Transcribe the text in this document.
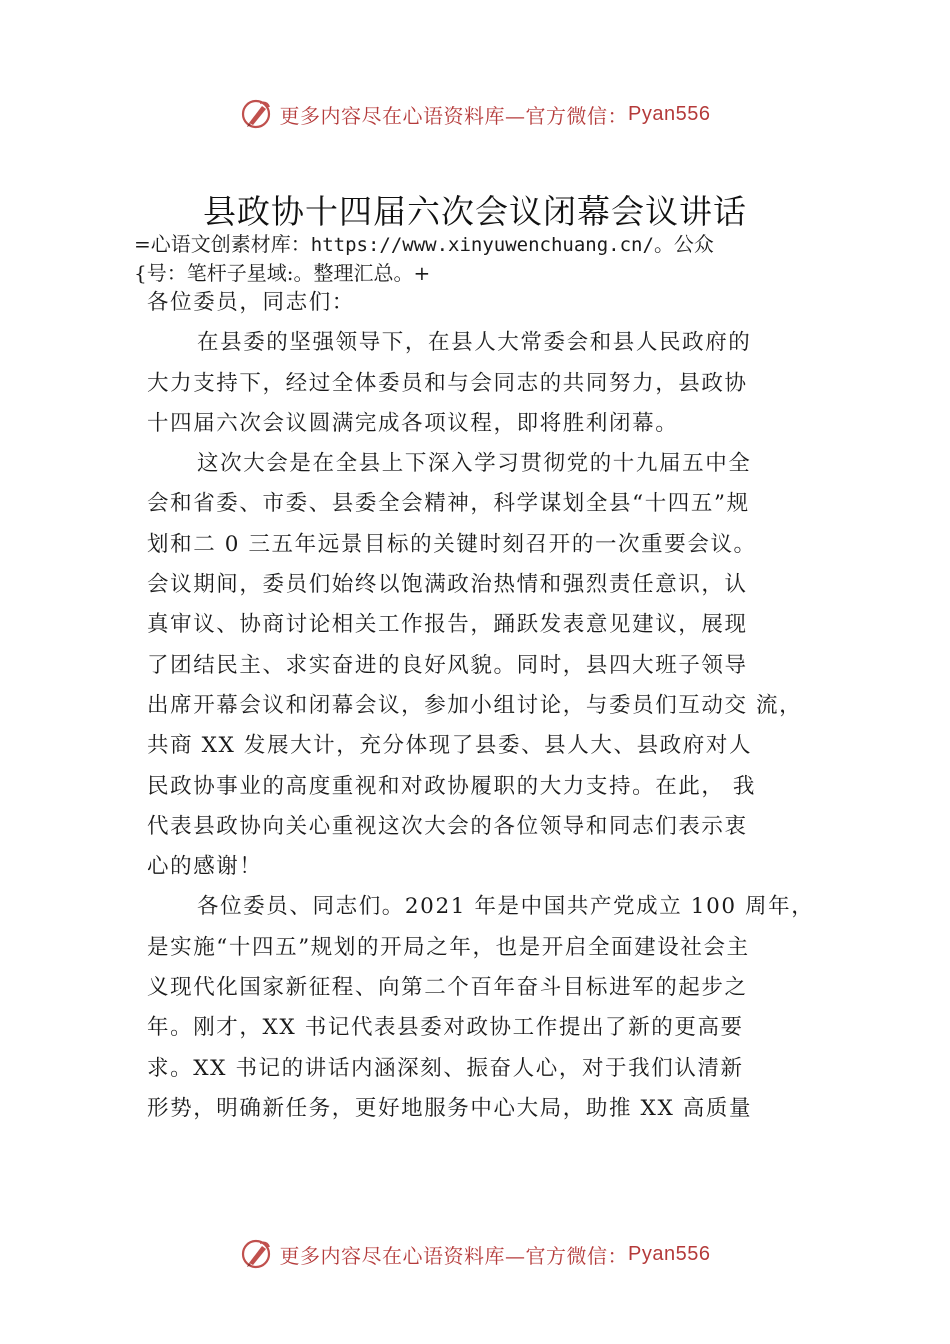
更多内容尽在心语资料库—官方微信： Pyan556
县政协十四届六次会议闭幕会议讲话
=心语文创素材库：https://www.xinyuwenchuang.cn/。公众
{号：笔杆子星域:。整理汇总。+
各位委员，同志们：
在县委的坚强领导下，在县人大常委会和县人民政府的
大力支持下，经过全体委员和与会同志的共同努力，县政协
十四届六次会议圆满完成各项议程，即将胜利闭幕。
这次大会是在全县上下深入学习贯彻党的十九届五中全
会和省委、市委、县委全会精神，科学谋划全县“十四五”规
划和二 0 三五年远景目标的关键时刻召开的一次重要会议。
会议期间，委员们始终以饱满政治热情和强烈责任意识，认
真审议、协商讨论相关工作报告，踊跃发表意见建议，展现
了团结民主、求实奋进的良好风貌。同时，县四大班子领导
出席开幕会议和闭幕会议，参加小组讨论，与委员们互动交 流，
共商 XX 发展大计，充分体现了县委、县人大、县政府对人
民政协事业的高度重视和对政协履职的大力支持。在此， 我
代表县政协向关心重视这次大会的各位领导和同志们表示衷
心的感谢！
各位委员、同志们。2021 年是中国共产党成立 100 周年，
是实施“十四五”规划的开局之年，也是开启全面建设社会主
义现代化国家新征程、向第二个百年奋斗目标进军的起步之
年。刚才，XX 书记代表县委对政协工作提出了新的更高要
求。XX 书记的讲话内涵深刻、振奋人心，对于我们认清新
形势，明确新任务，更好地服务中心大局，助推 XX 高质量
更多内容尽在心语资料库—官方微信： Pyan556
